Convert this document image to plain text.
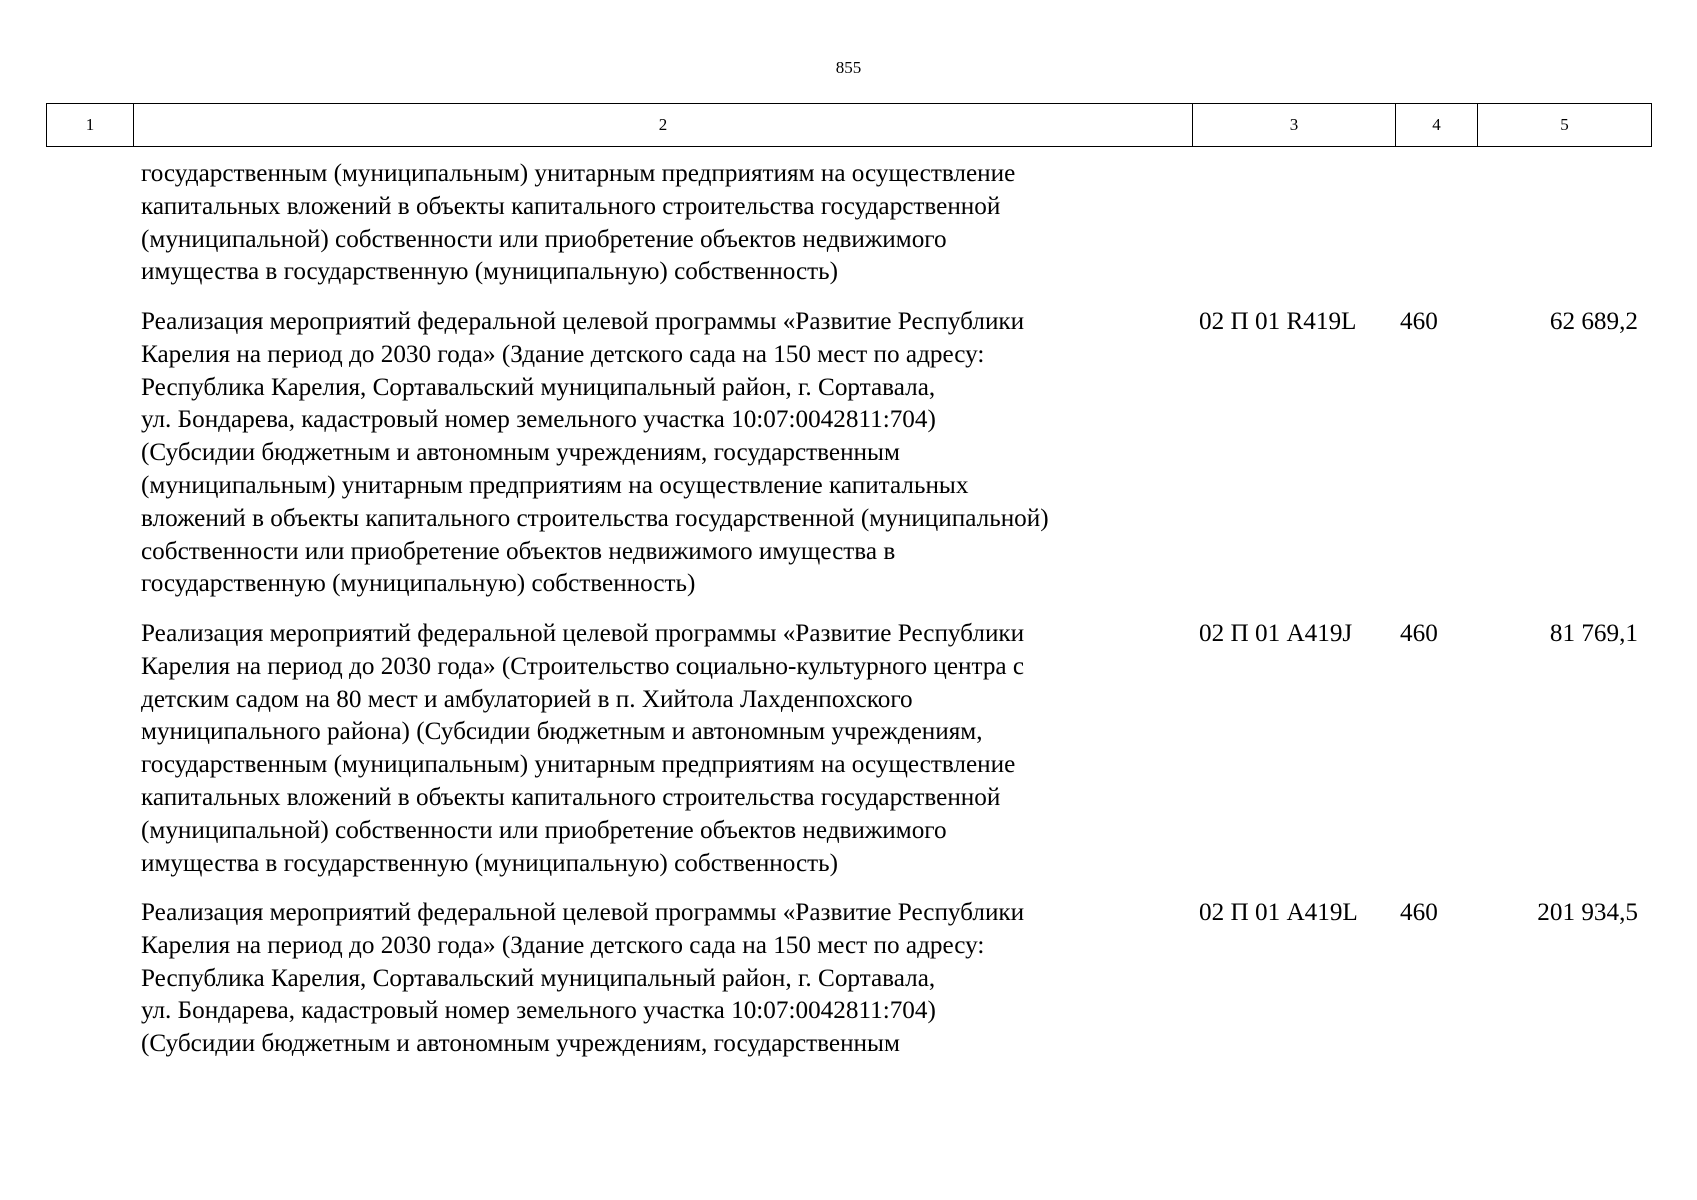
855
1	2	3	4	5
государственным (муниципальным) унитарным предприятиям на осуществление
капитальных вложений в объекты капитального строительства государственной
(муниципальной) собственности или приобретение объектов недвижимого
имущества в государственную (муниципальную) собственность)
Реализация мероприятий федеральной целевой программы «Развитие Республики
Карелия на период до 2030 года» (Здание детского сада на 150 мест по адресу:
Республика Карелия, Сортавальский муниципальный район, г. Сортавала,
ул. Бондарева, кадастровый номер земельного участка 10:07:0042811:704)
(Субсидии бюджетным и автономным учреждениям, государственным
(муниципальным) унитарным предприятиям на осуществление капитальных
вложений в объекты капитального строительства государственной (муниципальной)
собственности или приобретение объектов недвижимого имущества в
государственную (муниципальную) собственность)
02 П 01 R419L	460	62 689,2
Реализация мероприятий федеральной целевой программы «Развитие Республики
Карелия на период до 2030 года» (Строительство социально-культурного центра с
детским садом на 80 мест и амбулаторией в п. Хийтола Лахденпохского
муниципального района) (Субсидии бюджетным и автономным учреждениям,
государственным (муниципальным) унитарным предприятиям на осуществление
капитальных вложений в объекты капитального строительства государственной
(муниципальной) собственности или приобретение объектов недвижимого
имущества в государственную (муниципальную) собственность)
02 П 01 A419J	460	81 769,1
Реализация мероприятий федеральной целевой программы «Развитие Республики
Карелия на период до 2030 года» (Здание детского сада на 150 мест по адресу:
Республика Карелия, Сортавальский муниципальный район, г. Сортавала,
ул. Бондарева, кадастровый номер земельного участка 10:07:0042811:704)
(Субсидии бюджетным и автономным учреждениям, государственным
02 П 01 A419L	460	201 934,5
